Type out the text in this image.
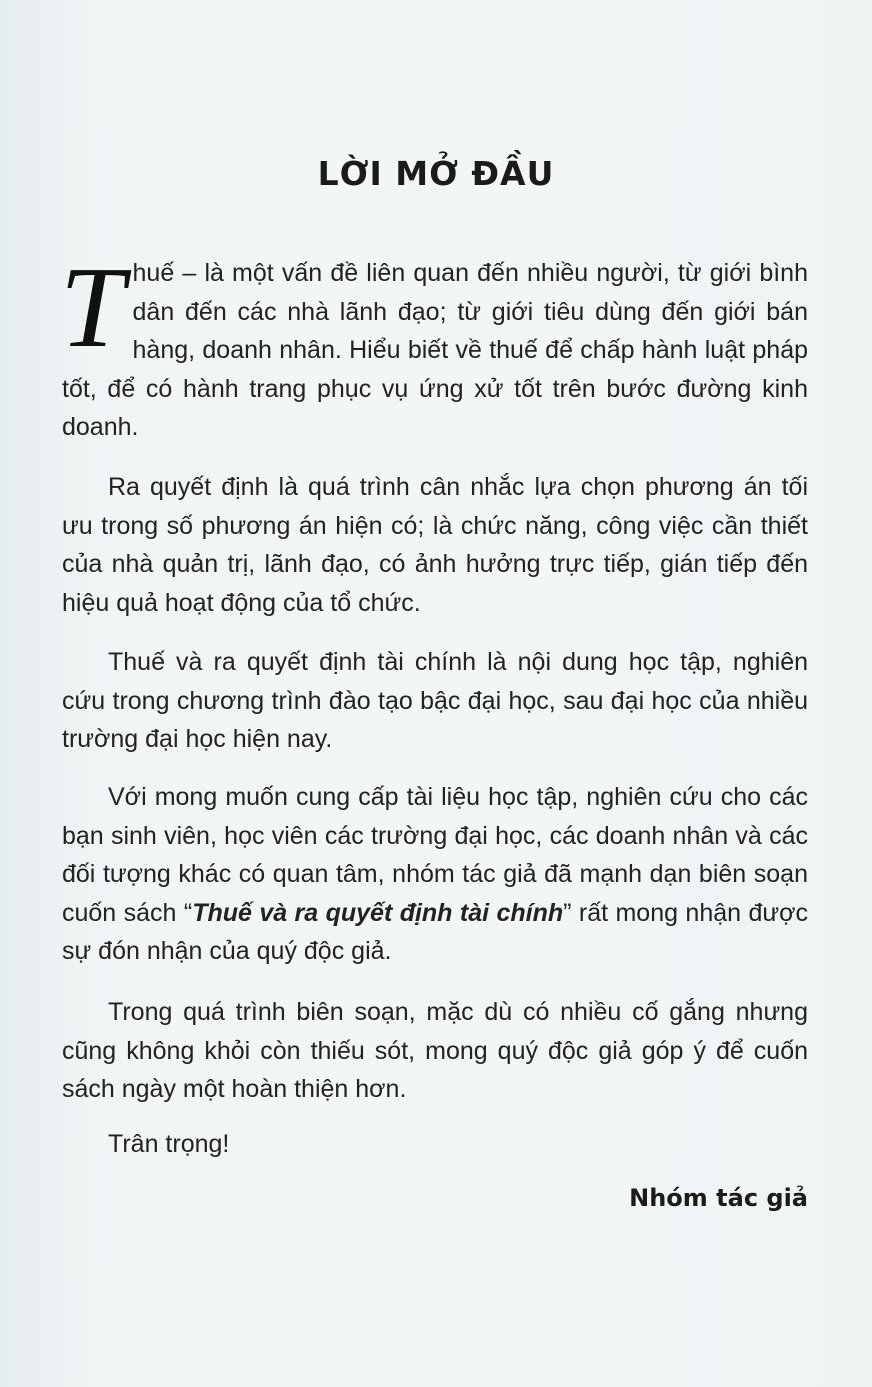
LỜI MỞ ĐẦU

Thuế – là một vấn đề liên quan đến nhiều người, từ giới bình dân đến các nhà lãnh đạo; từ giới tiêu dùng đến giới bán hàng, doanh nhân. Hiểu biết về thuế để chấp hành luật pháp tốt, để có hành trang phục vụ ứng xử tốt trên bước đường kinh doanh.

Ra quyết định là quá trình cân nhắc lựa chọn phương án tối ưu trong số phương án hiện có; là chức năng, công việc cần thiết của nhà quản trị, lãnh đạo, có ảnh hưởng trực tiếp, gián tiếp đến hiệu quả hoạt động của tổ chức.

Thuế và ra quyết định tài chính là nội dung học tập, nghiên cứu trong chương trình đào tạo bậc đại học, sau đại học của nhiều trường đại học hiện nay.

Với mong muốn cung cấp tài liệu học tập, nghiên cứu cho các bạn sinh viên, học viên các trường đại học, các doanh nhân và các đối tượng khác có quan tâm, nhóm tác giả đã mạnh dạn biên soạn cuốn sách “Thuế và ra quyết định tài chính” rất mong nhận được sự đón nhận của quý độc giả.

Trong quá trình biên soạn, mặc dù có nhiều cố gắng nhưng cũng không khỏi còn thiếu sót, mong quý độc giả góp ý để cuốn sách ngày một hoàn thiện hơn.

Trân trọng!

Nhóm tác giả
